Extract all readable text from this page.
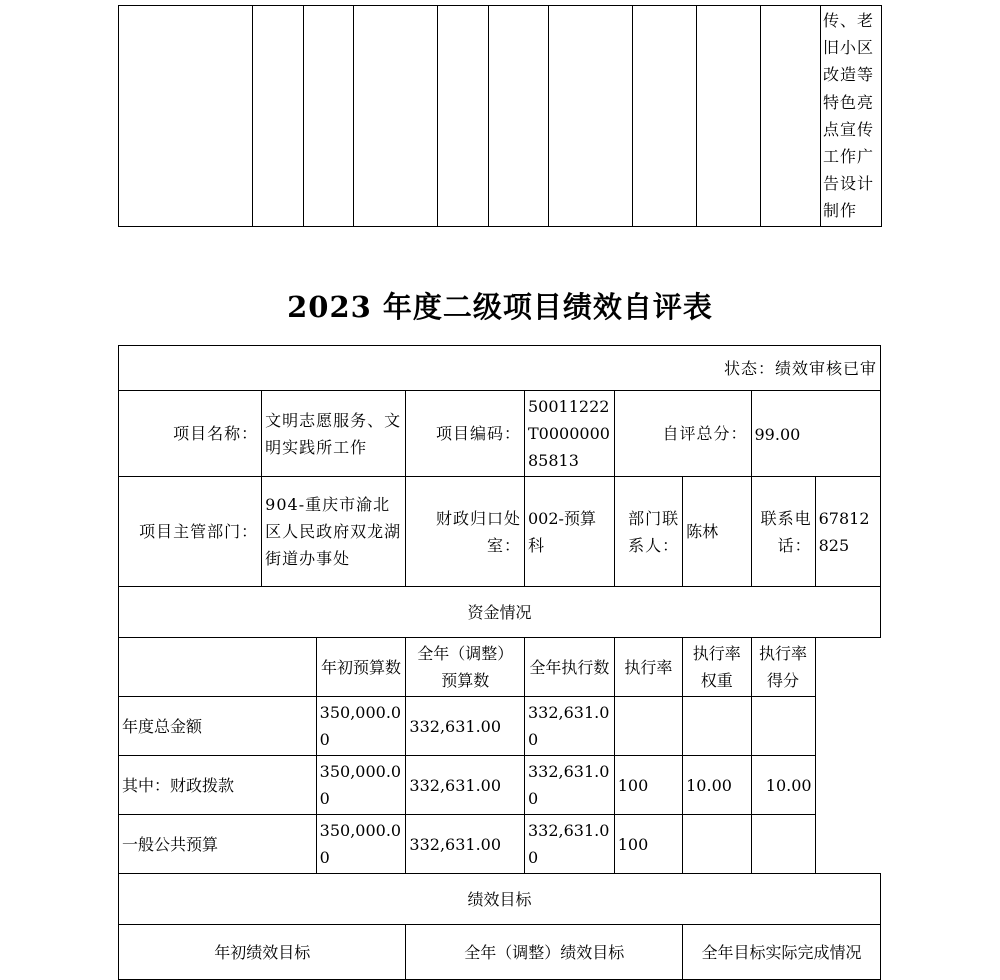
										传、老旧小区改造等特色亮点宣传工作广告设计制作
2023 年度二级项目绩效自评表
状态：绩效审核已审								
项目名称：	文明志愿服务、文明实践所工作		项目编码：	50011222T000000085813	自评总分：		99.00	
项目主管部门：	904-重庆市渝北区人民政府双龙湖街道办事处		财政归口处室：	002-预算科	部门联系人：	陈林	联系电话：	67812825
资金情况								
		年初预算数	全年（调整）预算数	全年执行数	执行率	执行率权重	执行率得分	
年度总金额		350,000.00	332,631.00	332,631.00				
其中：财政拨款		350,000.00	332,631.00	332,631.00	100	10.00	10.00	
一般公共预算		350,000.00	332,631.00	332,631.00	100			
绩效目标								
年初绩效目标			全年（调整）绩效目标			全年目标实际完成情况		
